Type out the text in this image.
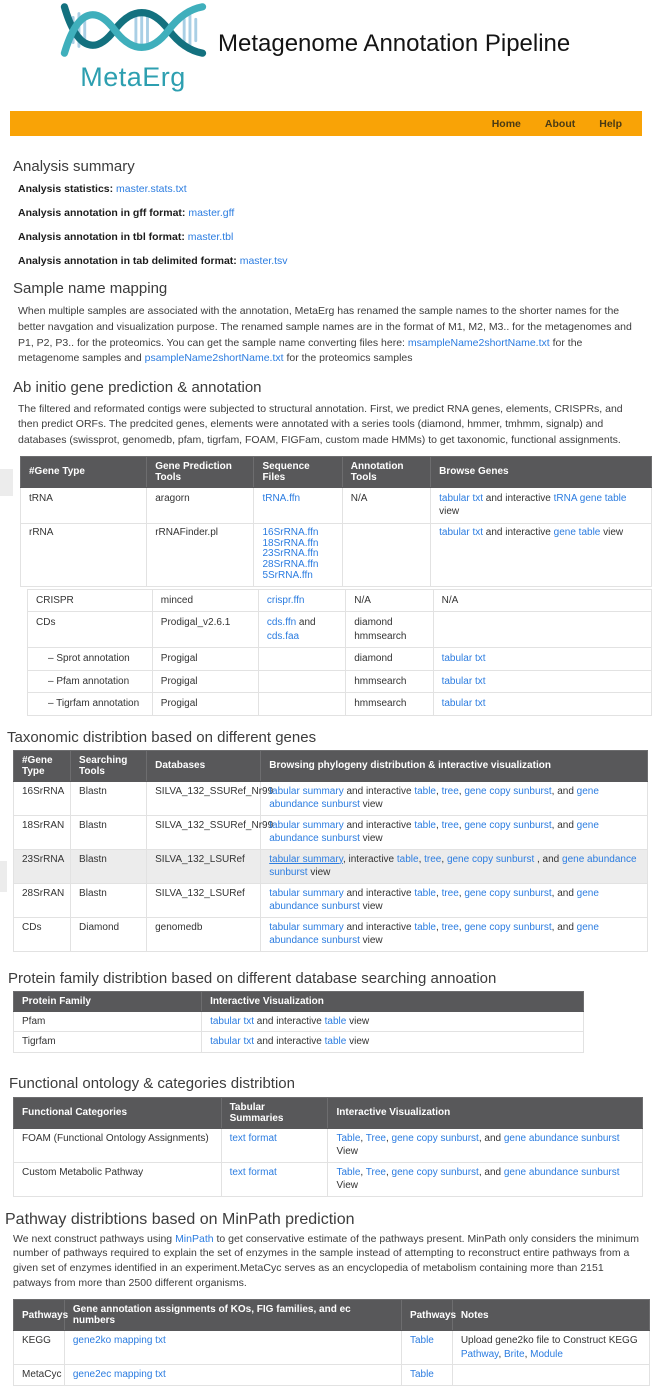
MetaErg
Metagenome Annotation Pipeline
Home About Help
Analysis summary
Analysis statistics: master.stats.txt
Analysis annotation in gff format: master.gff
Analysis annotation in tbl format: master.tbl
Analysis annotation in tab delimited format: master.tsv
Sample name mapping

When multiple samples are associated with the annotation, MetaErg has renamed the sample names to the shorter names for the better navgation and visualization purpose. The renamed sample names are in the format of M1, M2, M3.. for the metagenomes and P1, P2, P3.. for the proteomics. You can get the sample name converting files here: msampleName2shortName.txt for the metagenome samples and psampleName2shortName.txt for the proteomics samples

Ab initio gene prediction & annotation

The filtered and reformated contigs were subjected to structural annotation. First, we predict RNA genes, elements, CRISPRs, and then predict ORFs. The predcited genes, elements were annotated with a series tools (diamond, hmmer, tmhmm, signalp) and databases (swissprot, genomedb, pfam, tigrfam, FOAM, FIGFam, custom made HMMs) to get taxonomic, functional assignments.

#Gene Type	Gene Prediction Tools	Sequence Files	Annotation Tools	Browse Genes
tRNA	aragorn	tRNA.ffn	N/A	tabular txt and interactive tRNA gene table view
rRNA	rRNAFinder.pl	16SrRNA.ffn
18SrRNA.ffn
23SrRNA.ffn
28SrRNA.ffn
5SrRNA.ffn		tabular txt and interactive gene table view
CRISPR	minced	crispr.ffn	N/A	N/A
CDs	Prodigal_v2.6.1	cds.ffn and cds.faa	diamond
hmmsearch	
– Sprot annotation	Progigal		diamond	tabular txt
– Pfam annotation	Progigal		hmmsearch	tabular txt
– Tigrfam annotation	Progigal		hmmsearch	tabular txt
Taxonomic distribtion based on different genes
#Gene Type	Searching Tools	Databases	Browsing phylogeny distribution & interactive visualization
16SrRNA	Blastn	SILVA_132_SSURef_Nr99	tabular summary and interactive table, tree, gene copy sunburst, and gene abundance sunburst view
18SrRAN	Blastn	SILVA_132_SSURef_Nr99	tabular summary and interactive table, tree, gene copy sunburst, and gene abundance sunburst view
23SrRNA	Blastn	SILVA_132_LSURef	tabular summary, interactive table, tree, gene copy sunburst , and gene abundance sunburst view
28SrRAN	Blastn	SILVA_132_LSURef	tabular summary and interactive table, tree, gene copy sunburst, and gene abundance sunburst view
CDs	Diamond	genomedb	tabular summary and interactive table, tree, gene copy sunburst, and gene abundance sunburst view
Protein family distribtion based on different database searching annoation
Protein Family	Interactive Visualization
Pfam	tabular txt and interactive table view
Tigrfam	tabular txt and interactive table view
Functional ontology & categories distribtion
Functional Categories	Tabular Summaries	Interactive Visualization
FOAM (Functional Ontology Assignments)	text format	Table, Tree, gene copy sunburst, and gene abundance sunburst View
Custom Metabolic Pathway	text format	Table, Tree, gene copy sunburst, and gene abundance sunburst View
Pathway distribtions based on MinPath prediction

We next construct pathways using MinPath to get conservative estimate of the pathways present. MinPath only considers the minimum number of pathways required to explain the set of enzymes in the sample instead of attempting to reconstruct entire pathways from a given set of enzymes identified in an experiment.MetaCyc serves as an encyclopedia of metabolism containing more than 2151 patways from more than 2500 different organisms.

Pathways	Gene annotation assignments of KOs, FIG families, and ec numbers	Pathways	Notes
KEGG	gene2ko mapping txt	Table	Upload gene2ko file to Construct KEGG
Pathway, Brite, Module
MetaCyc	gene2ec mapping txt	Table	
